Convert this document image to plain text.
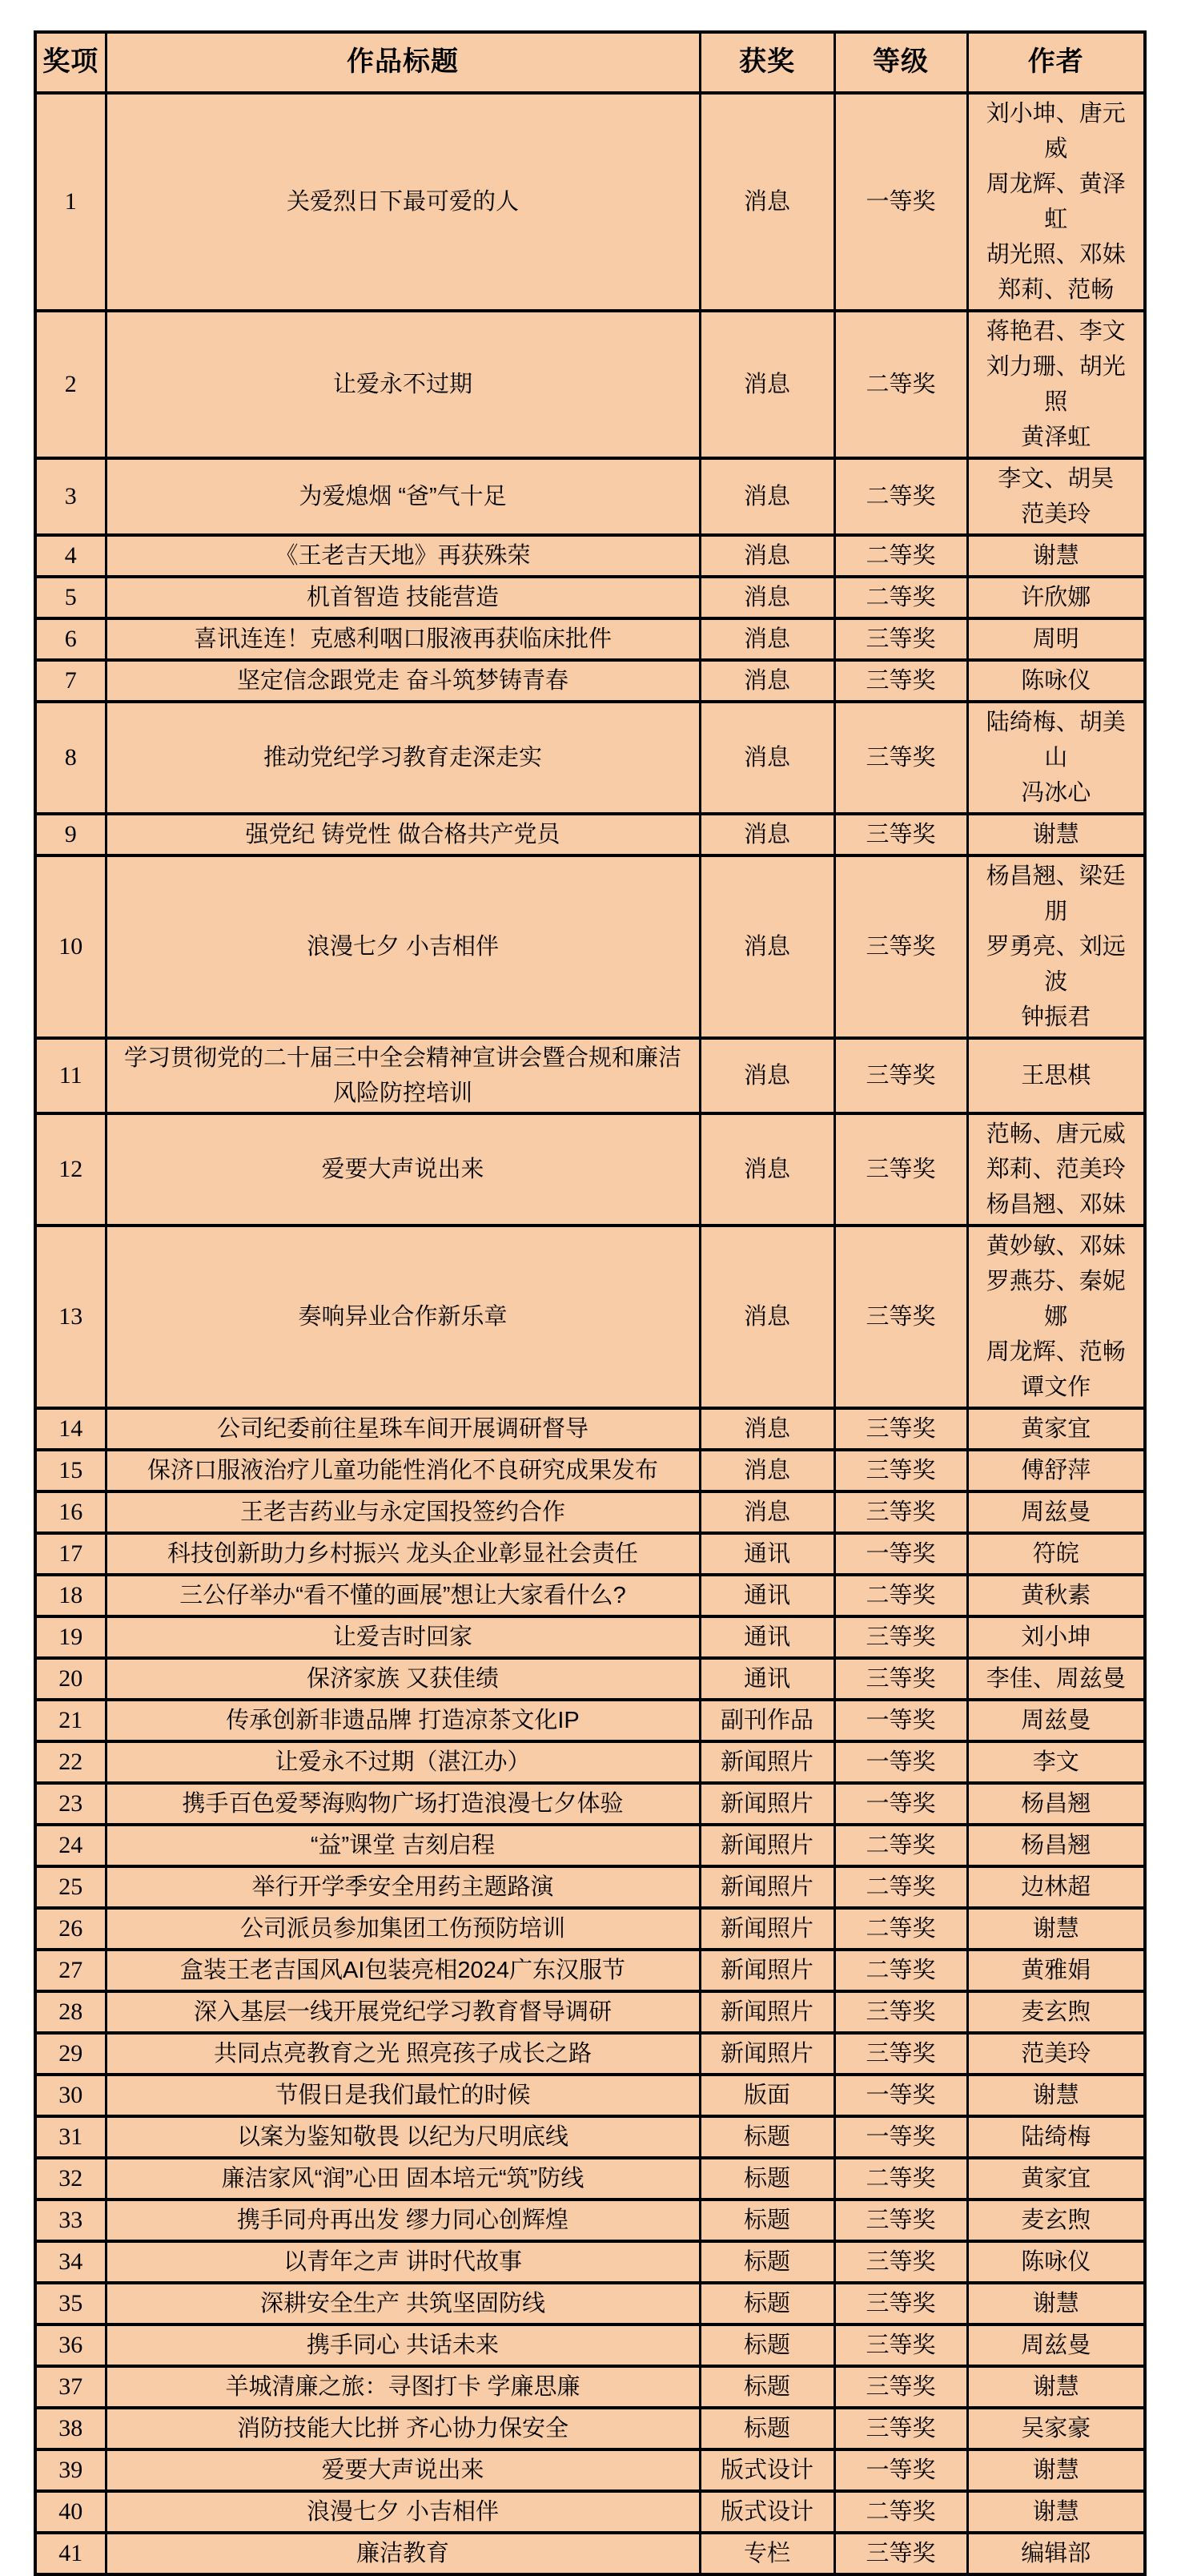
奖项	作品标题	获奖	等级	作者
1	关爱烈日下最可爱的人	消息	一等奖	刘小坤、唐元威
周龙辉、黄泽虹
胡光照、邓妹
郑莉、范畅

2	让爱永不过期	消息	二等奖	蒋艳君、李文
刘力珊、胡光照
黄泽虹

3	为爱熄烟 “爸”气十足	消息	二等奖	李文、胡昊
范美玲

4	《王老吉天地》再获殊荣	消息	二等奖	谢慧

5	机首智造 技能营造	消息	二等奖	许欣娜

6	喜讯连连！克感利咽口服液再获临床批件	消息	三等奖	周明

7	坚定信念跟党走 奋斗筑梦铸青春	消息	三等奖	陈咏仪

8	推动党纪学习教育走深走实	消息	三等奖	陆绮梅、胡美山
冯冰心

9	强党纪 铸党性 做合格共产党员	消息	三等奖	谢慧

10	浪漫七夕 小吉相伴	消息	三等奖	杨昌翘、梁廷朋
罗勇亮、刘远波
钟振君

11	学习贯彻党的二十届三中全会精神宣讲会暨合规和廉洁风险防控培训	消息	三等奖	王思棋

12	爱要大声说出来	消息	三等奖	范畅、唐元威
郑莉、范美玲
杨昌翘、邓妹

13	奏响异业合作新乐章	消息	三等奖	黄妙敏、邓妹
罗燕芬、秦妮娜
周龙辉、范畅
谭文作

14	公司纪委前往星珠车间开展调研督导	消息	三等奖	黄家宜

15	保济口服液治疗儿童功能性消化不良研究成果发布	消息	三等奖	傅舒萍

16	王老吉药业与永定国投签约合作	消息	三等奖	周兹曼

17	科技创新助力乡村振兴 龙头企业彰显社会责任	通讯	一等奖	符皖

18	三公仔举办“看不懂的画展”想让大家看什么?	通讯	二等奖	黄秋素

19	让爱吉时回家	通讯	三等奖	刘小坤

20	保济家族 又获佳绩	通讯	三等奖	李佳、周兹曼

21	传承创新非遗品牌 打造凉茶文化IP	副刊作品	一等奖	周兹曼

22	让爱永不过期（湛江办）	新闻照片	一等奖	李文

23	携手百色爱琴海购物广场打造浪漫七夕体验	新闻照片	一等奖	杨昌翘

24	“益”课堂 吉刻启程	新闻照片	二等奖	杨昌翘

25	举行开学季安全用药主题路演	新闻照片	二等奖	边林超

26	公司派员参加集团工伤预防培训	新闻照片	二等奖	谢慧

27	盒装王老吉国风AI包装亮相2024广东汉服节	新闻照片	二等奖	黄雅娟

28	深入基层一线开展党纪学习教育督导调研	新闻照片	三等奖	麦玄煦

29	共同点亮教育之光 照亮孩子成长之路	新闻照片	三等奖	范美玲

30	节假日是我们最忙的时候	版面	一等奖	谢慧

31	以案为鉴知敬畏 以纪为尺明底线	标题	一等奖	陆绮梅

32	廉洁家风“润”心田 固本培元“筑”防线	标题	二等奖	黄家宜

33	携手同舟再出发 缪力同心创辉煌	标题	三等奖	麦玄煦

34	以青年之声 讲时代故事	标题	三等奖	陈咏仪

35	深耕安全生产 共筑坚固防线	标题	三等奖	谢慧

36	携手同心 共话未来	标题	三等奖	周兹曼

37	羊城清廉之旅：寻图打卡 学廉思廉	标题	三等奖	谢慧

38	消防技能大比拼 齐心协力保安全	标题	三等奖	吴家豪

39	爱要大声说出来	版式设计	一等奖	谢慧

40	浪漫七夕 小吉相伴	版式设计	二等奖	谢慧

41	廉洁教育	专栏	三等奖	编辑部
